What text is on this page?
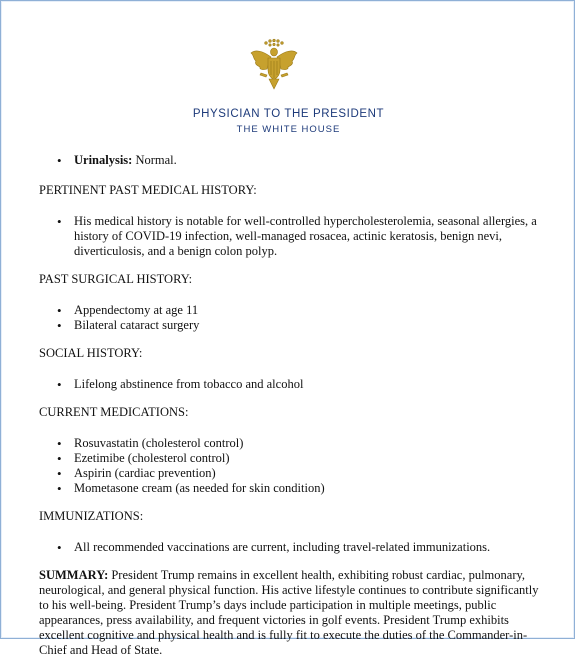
PHYSICIAN TO THE PRESIDENT
THE WHITE HOUSE
• Urinalysis: Normal.

PERTINENT PAST MEDICAL HISTORY:

• His medical history is notable for well-controlled hypercholesterolemia, seasonal allergies, a history of COVID-19 infection, well-managed rosacea, actinic keratosis, benign nevi, diverticulosis, and a benign colon polyp.

PAST SURGICAL HISTORY:

• Appendectomy at age 11
• Bilateral cataract surgery

SOCIAL HISTORY:

• Lifelong abstinence from tobacco and alcohol

CURRENT MEDICATIONS:

• Rosuvastatin (cholesterol control)
• Ezetimibe (cholesterol control)
• Aspirin (cardiac prevention)
• Mometasone cream (as needed for skin condition)

IMMUNIZATIONS:

• All recommended vaccinations are current, including travel-related immunizations.

SUMMARY: President Trump remains in excellent health, exhibiting robust cardiac, pulmonary, neurological, and general physical function. His active lifestyle continues to contribute significantly to his well-being. President Trump’s days include participation in multiple meetings, public appearances, press availability, and frequent victories in golf events. President Trump exhibits excellent cognitive and physical health and is fully fit to execute the duties of the Commander-in-Chief and Head of State.
